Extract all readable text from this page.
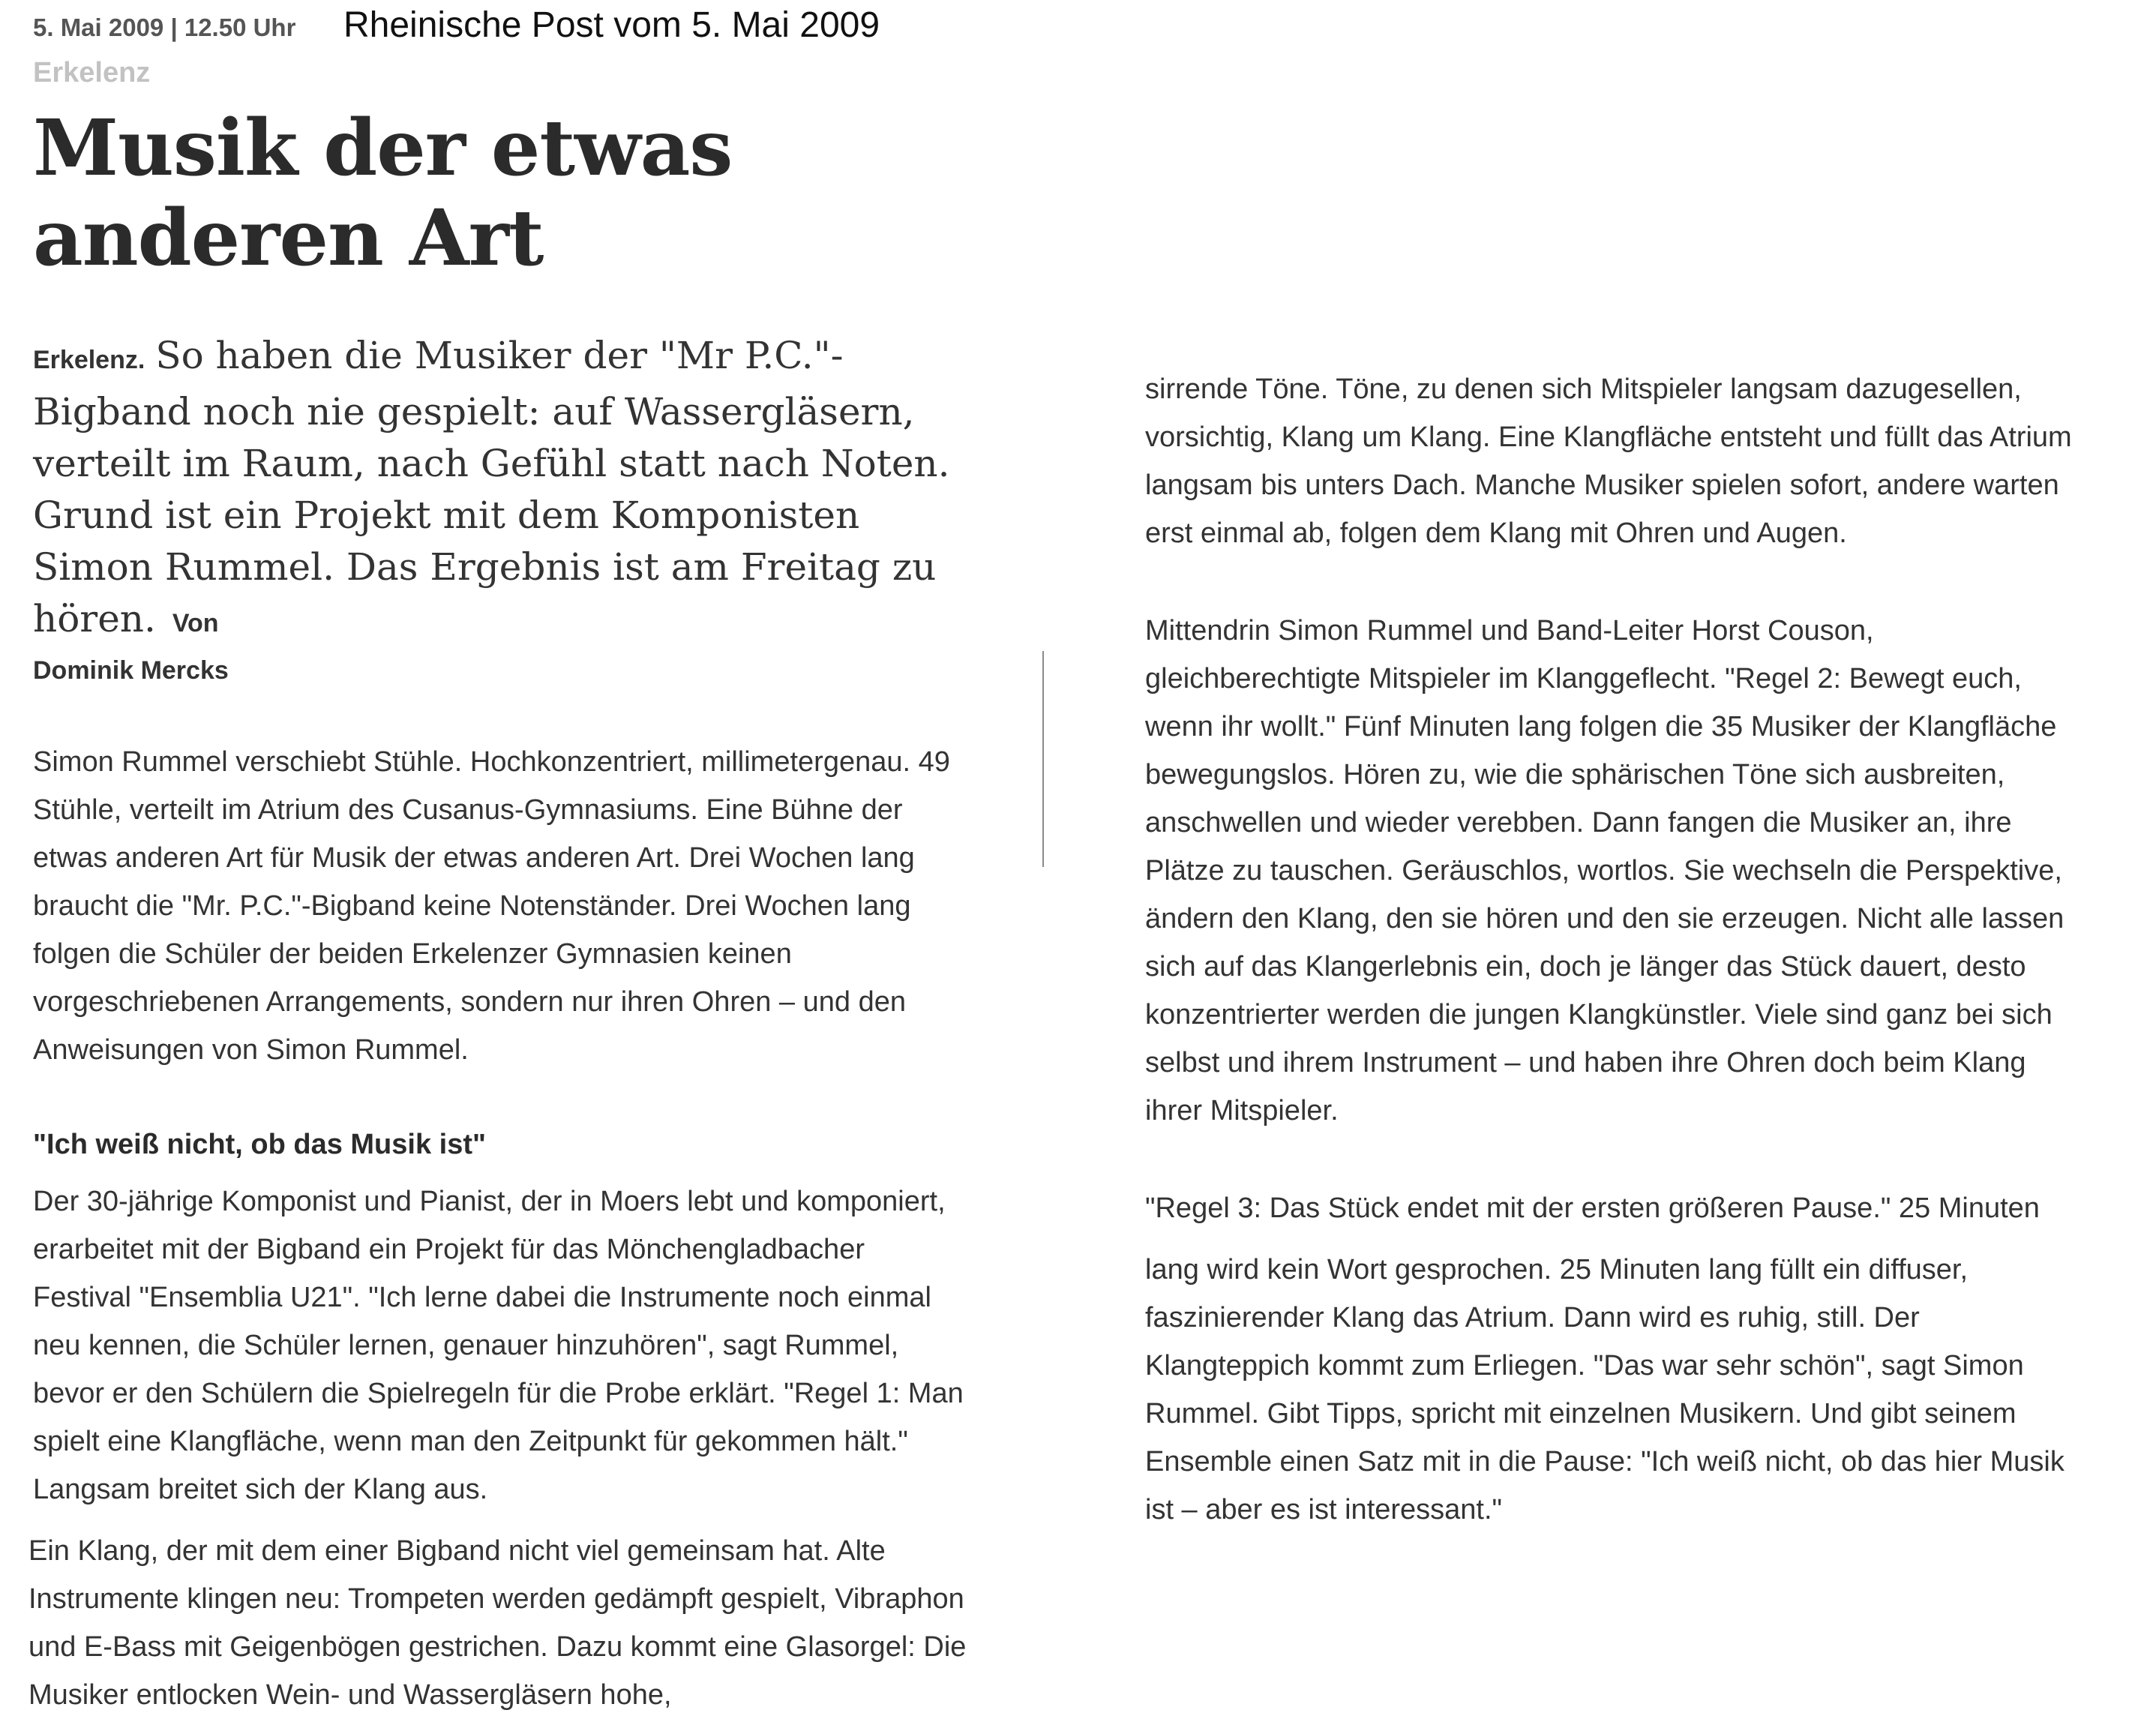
5. Mai 2009 | 12.50 Uhr Rheinische Post vom 5. Mai 2009
Erkelenz
Musik der etwas
anderen Art

Erkelenz. So haben die Musiker der "Mr P.C."-Bigband noch nie gespielt: auf Wassergläsern, verteilt im Raum, nach Gefühl statt nach Noten. Grund ist ein Projekt mit dem Komponisten Simon Rummel. Das Ergebnis ist am Freitag zu hören. Von

Dominik Mercks

Simon Rummel verschiebt Stühle. Hochkonzentriert, millimetergenau. 49 Stühle, verteilt im Atrium des Cusanus-Gymnasiums. Eine Bühne der etwas anderen Art für Musik der etwas anderen Art. Drei Wochen lang braucht die "Mr. P.C."-Bigband keine Notenständer. Drei Wochen lang folgen die Schüler der beiden Erkelenzer Gymnasien keinen vorgeschriebenen Arrangements, sondern nur ihren Ohren – und den Anweisungen von Simon Rummel.

"Ich weiß nicht, ob das Musik ist"

Der 30-jährige Komponist und Pianist, der in Moers lebt und komponiert, erarbeitet mit der Bigband ein Projekt für das Mönchengladbacher Festival "Ensemblia U21". "Ich lerne dabei die Instrumente noch einmal neu kennen, die Schüler lernen, genauer hinzuhören", sagt Rummel, bevor er den Schülern die Spielregeln für die Probe erklärt. "Regel 1: Man spielt eine Klangfläche, wenn man den Zeitpunkt für gekommen hält." Langsam breitet sich der Klang aus.

Ein Klang, der mit dem einer Bigband nicht viel gemeinsam hat. Alte Instrumente klingen neu: Trompeten werden gedämpft gespielt, Vibraphon und E-Bass mit Geigenbögen gestrichen. Dazu kommt eine Glasorgel: Die Musiker entlocken Wein- und Wassergläsern hohe,

sirrende Töne. Töne, zu denen sich Mitspieler langsam dazugesellen, vorsichtig, Klang um Klang. Eine Klangfläche entsteht und füllt das Atrium langsam bis unters Dach. Manche Musiker spielen sofort, andere warten erst einmal ab, folgen dem Klang mit Ohren und Augen.

Mittendrin Simon Rummel und Band-Leiter Horst Couson, gleichberechtigte Mitspieler im Klanggeflecht. "Regel 2: Bewegt euch, wenn ihr wollt." Fünf Minuten lang folgen die 35 Musiker der Klangfläche bewegungslos. Hören zu, wie die sphärischen Töne sich ausbreiten, anschwellen und wieder verebben. Dann fangen die Musiker an, ihre Plätze zu tauschen. Geräuschlos, wortlos. Sie wechseln die Perspektive, ändern den Klang, den sie hören und den sie erzeugen. Nicht alle lassen sich auf das Klangerlebnis ein, doch je länger das Stück dauert, desto konzentrierter werden die jungen Klangkünstler. Viele sind ganz bei sich selbst und ihrem Instrument – und haben ihre Ohren doch beim Klang ihrer Mitspieler.

"Regel 3: Das Stück endet mit der ersten größeren Pause." 25 Minuten

lang wird kein Wort gesprochen. 25 Minuten lang füllt ein diffuser, faszinierender Klang das Atrium. Dann wird es ruhig, still. Der Klangteppich kommt zum Erliegen. "Das war sehr schön", sagt Simon Rummel. Gibt Tipps, spricht mit einzelnen Musikern. Und gibt seinem Ensemble einen Satz mit in die Pause: "Ich weiß nicht, ob das hier Musik ist – aber es ist interessant."
